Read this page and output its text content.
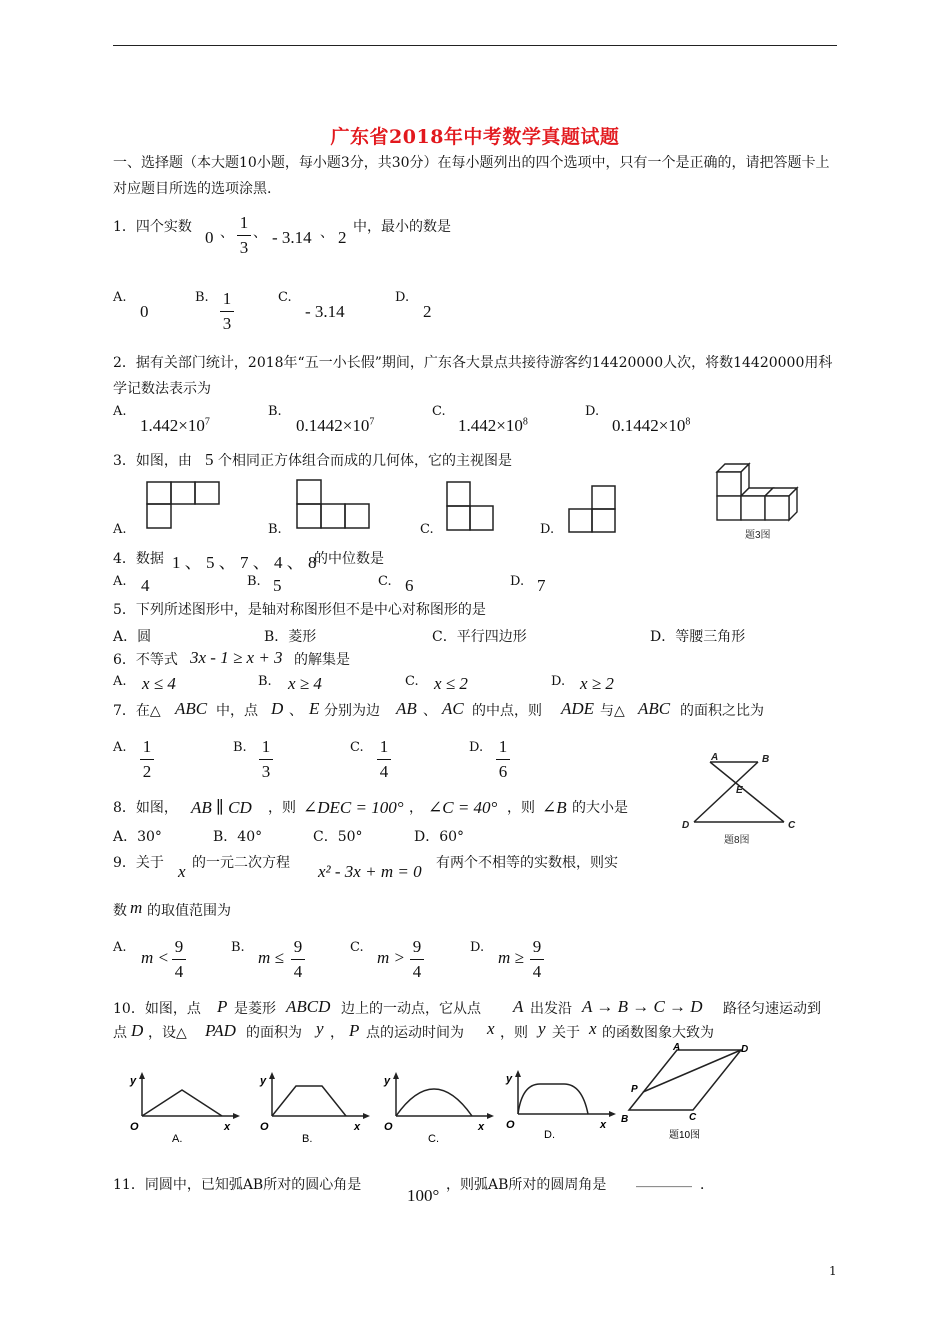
广东省2018年中考数学真题试题
一、选择题（本大题10小题，每小题3分，共30分）在每小题列出的四个选项中，只有一个是正确的，请把答题卡上对应题目所选的选项涂黑.
1．四个实数
0 、
1
3
、 - 3.14 、 2
中，最小的数是
A.
0
B. 1
3
C.
- 3.14
D.
2
2．据有关部门统计，2018年“五一小长假”期间，广东各大景点共接待游客约14420000人次，将数14420000用科学记数法表示为
A.
$1.442\times 10^7$
B.
$0.1442\times 10^7$
C.
$1.442\times 10^8$
D.
$0.1442\times 10^8$
3．如图，由 5 个相同正方体组合而成的几何体，它的主视图是
A.	B.	C.	D.	题3图
4．数据 1 、 5 、 7 、 4 、 8
的中位数是
A. 4	B. 5	C. 6	D. 7
5．下列所述图形中，是轴对称图形但不是中心对称图形的是
A．圆	B．菱形	C．平行四边形	D．等腰三角形
6．不等式 3x - 1 ≥ x + 3 的解集是
A. x ≤ 4	B. x ≥ 4	C. x ≤ 2	D. x ≥ 2
7．在△ ABC 中，点 D 、 E 分别为边 AB 、 AC 的中点，则 ADE 与△ ABC 的面积之比为
A. 1
2
B. 1
3
C. 1
4
D. 1
6
A	B
E
D	C
题8图
8．如图， AB ∥ CD ，则 ∠DEC = 100° ， ∠C = 40° ，则 ∠B 的大小是
A．30°	B．40°	C．50°	D．60°
9．关于 x 的一元二次方程 x² - 3x + m = 0 有两个不相等的实数根，则实
数 m 的取值范围为
A.
m <
9
4
B.
m ≤
9
4
C.
m >
9
4
D.
m ≥
9
4
10．如图，点 P 是菱形 ABCD 边上的一动点，它从点 A 出发沿 A → B → C → D 路径匀速运动到
点 D ，设△ PAD 的面积为 y ， P 点的运动时间为 x ，则 y 关于 x 的函数图象大致为
y
x
O
A.
y
x
O
B.
y
x
O
C.
y
x
O
D.
A	D
P
B	C
题10图
11．同圆中，已知弧AB所对的圆心角是
100°
，则弧AB所对的圆周角是 ________ ．
1
